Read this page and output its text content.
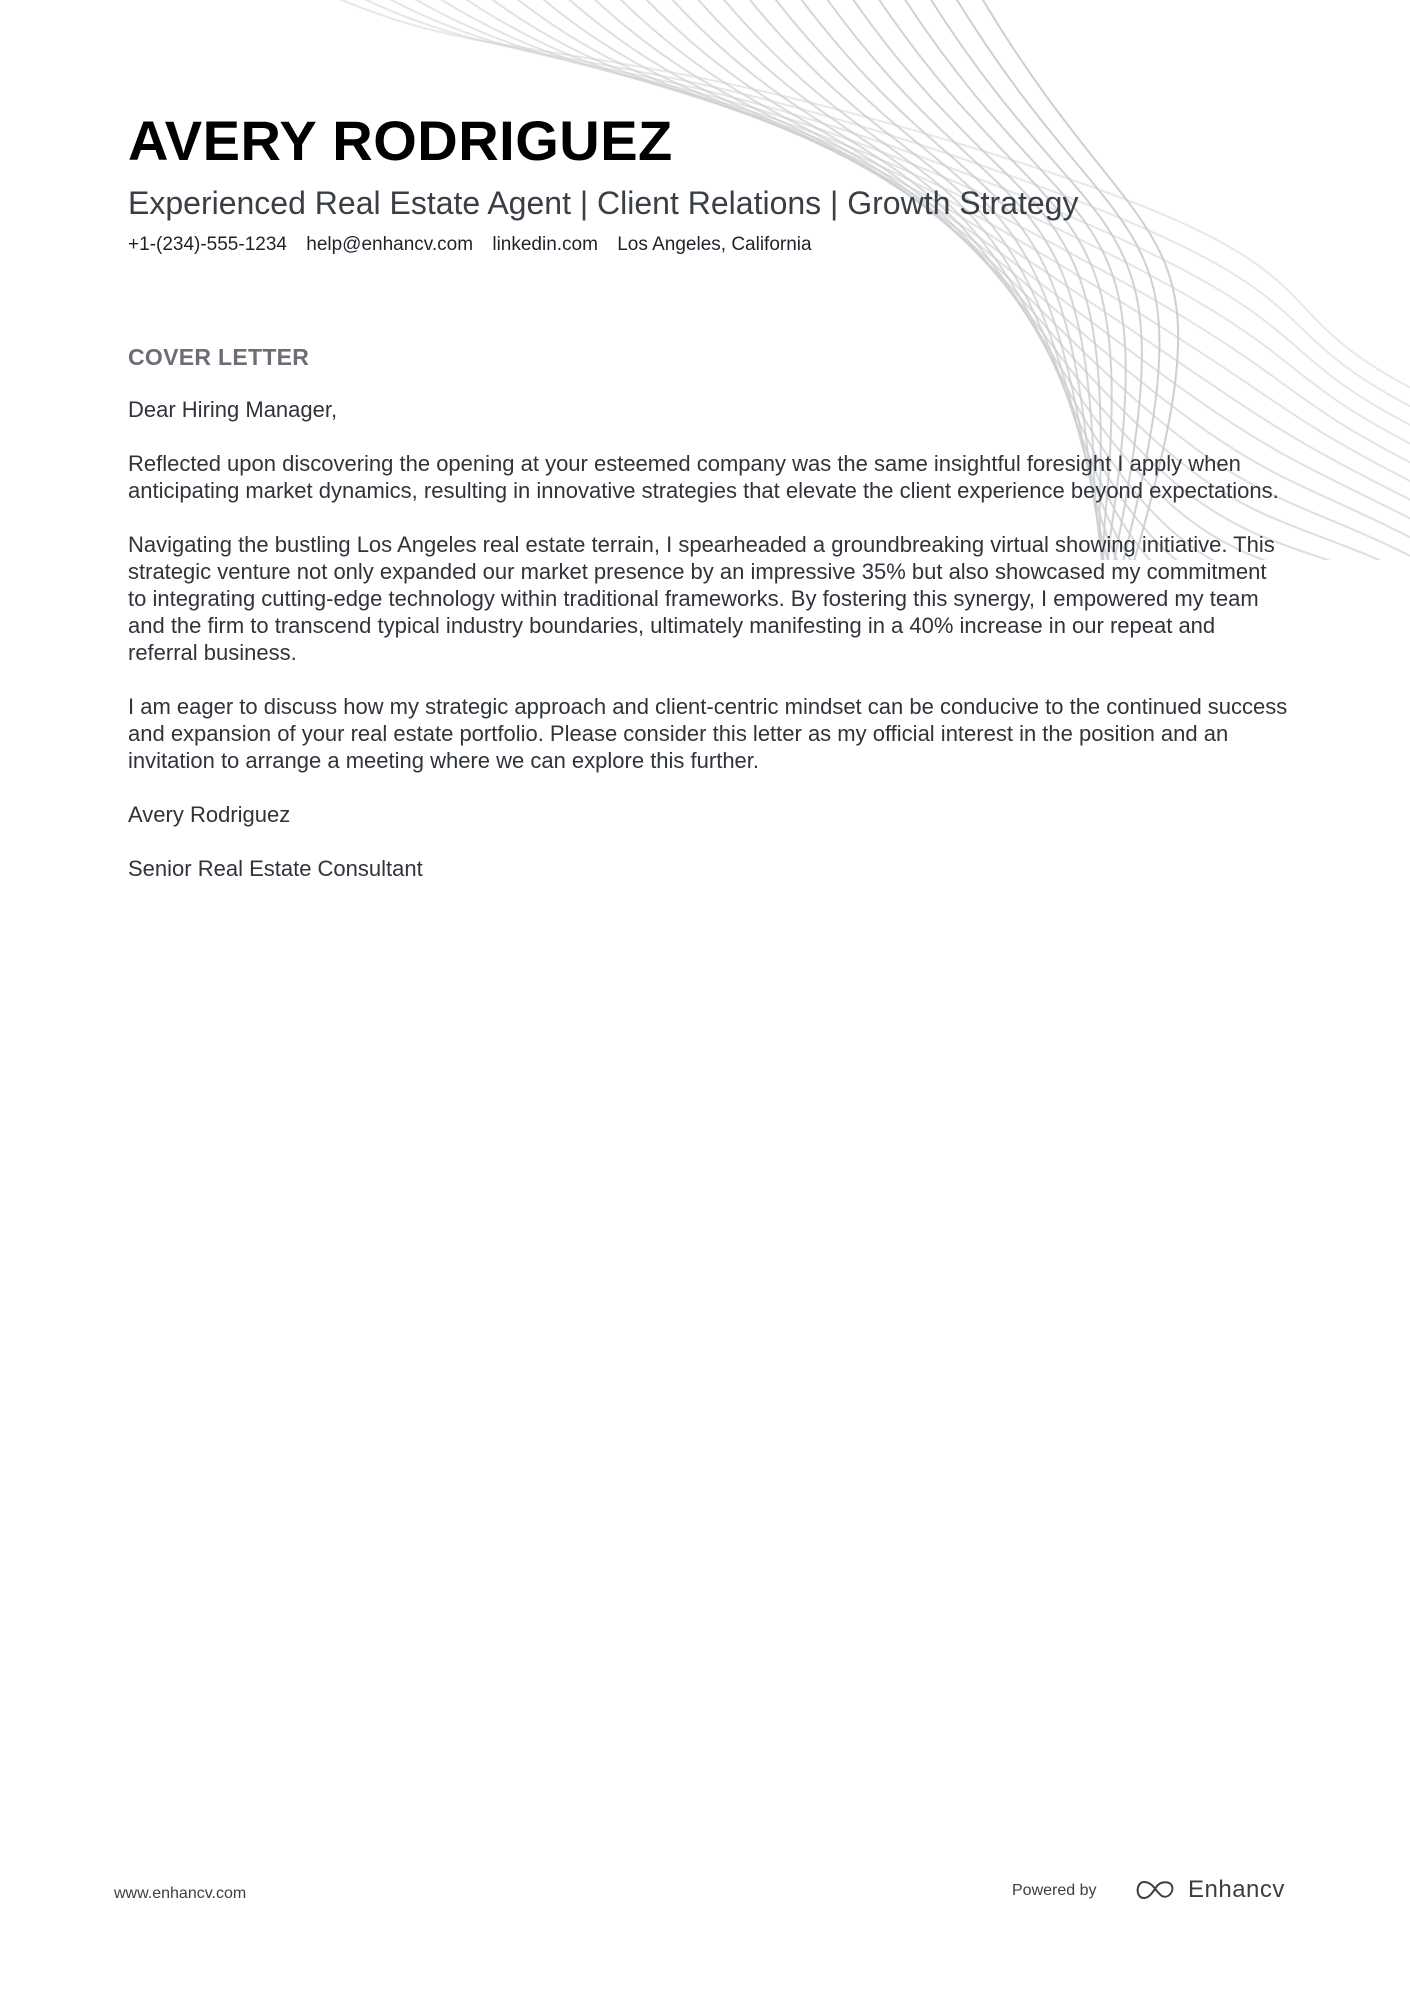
AVERY RODRIGUEZ
Experienced Real Estate Agent | Client Relations | Growth Strategy
+1-(234)-555-1234 help@enhancv.com linkedin.com Los Angeles, California
COVER LETTER

Dear Hiring Manager,

Reflected upon discovering the opening at your esteemed company was the same insightful foresight I apply when anticipating market dynamics, resulting in innovative strategies that elevate the client experience beyond expectations.

Navigating the bustling Los Angeles real estate terrain, I spearheaded a groundbreaking virtual showing initiative. This strategic venture not only expanded our market presence by an impressive 35% but also showcased my commitment to integrating cutting-edge technology within traditional frameworks. By fostering this synergy, I empowered my team and the firm to transcend typical industry boundaries, ultimately manifesting in a 40% increase in our repeat and referral business.

I am eager to discuss how my strategic approach and client-centric mindset can be conducive to the continued success and expansion of your real estate portfolio. Please consider this letter as my official interest in the position and an invitation to arrange a meeting where we can explore this further.

Avery Rodriguez

Senior Real Estate Consultant

www.enhancv.com	Powered by	Enhancv
